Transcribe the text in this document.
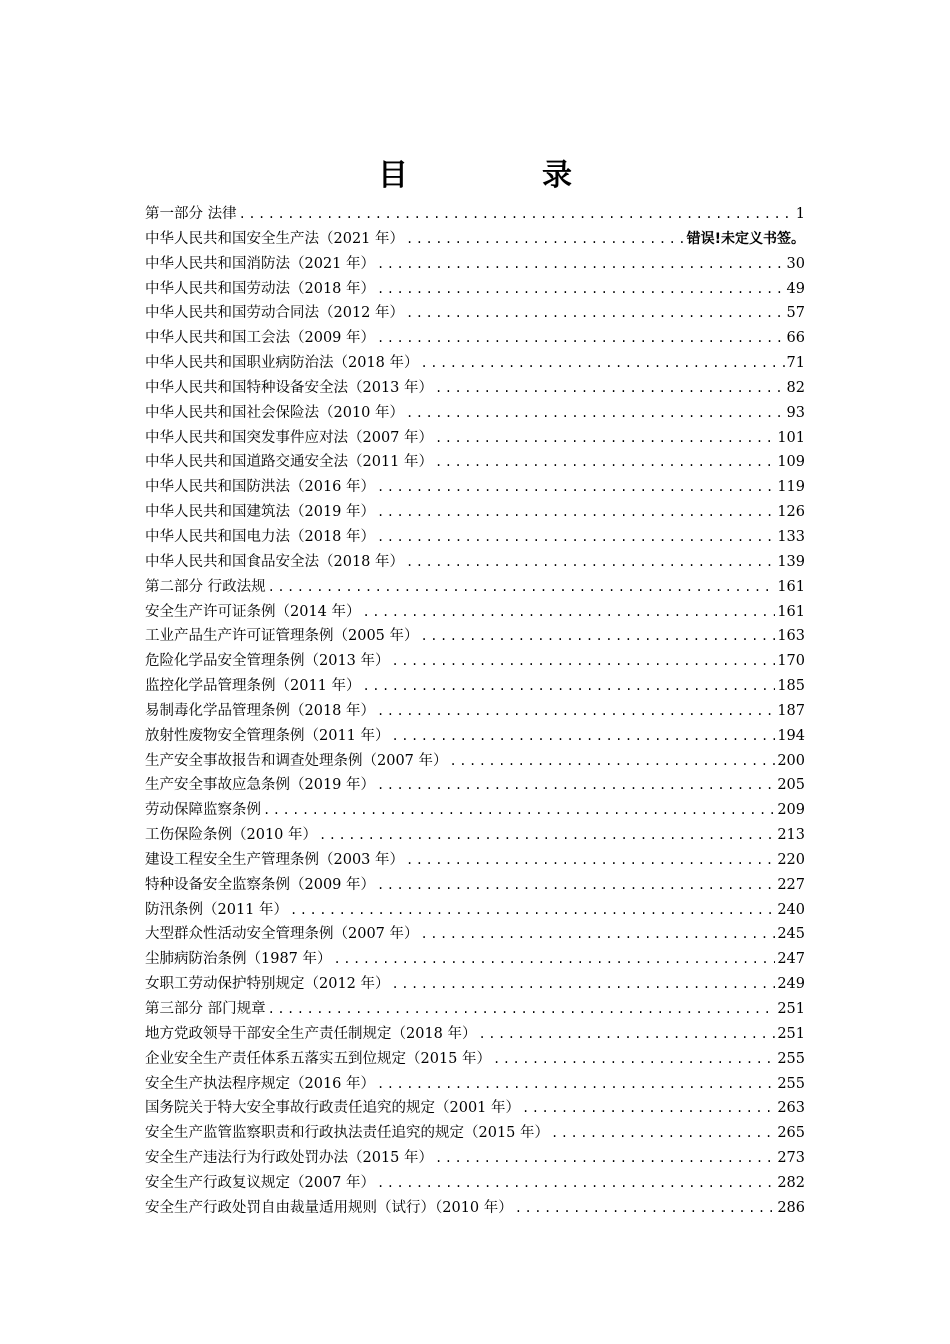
目　录
第一部分 法律 .....	1
中华人民共和国安全生产法（2021 年） .....	错误!未定义书签。
中华人民共和国消防法（2021 年） .....	30
中华人民共和国劳动法（2018 年） .....	49
中华人民共和国劳动合同法（2012 年） .....	57
中华人民共和国工会法（2009 年） .....	66
中华人民共和国职业病防治法（2018 年） .....	71
中华人民共和国特种设备安全法（2013 年） .....	82
中华人民共和国社会保险法（2010 年） .....	93
中华人民共和国突发事件应对法（2007 年） .....	101
中华人民共和国道路交通安全法（2011 年） .....	109
中华人民共和国防洪法（2016 年） .....	119
中华人民共和国建筑法（2019 年） .....	126
中华人民共和国电力法（2018 年） .....	133
中华人民共和国食品安全法（2018 年） .....	139
第二部分 行政法规 .....	161
安全生产许可证条例（2014 年） .....	161
工业产品生产许可证管理条例（2005 年） .....	163
危险化学品安全管理条例（2013 年） .....	170
监控化学品管理条例（2011 年） .....	185
易制毒化学品管理条例（2018 年） .....	187
放射性废物安全管理条例（2011 年） .....	194
生产安全事故报告和调查处理条例（2007 年） .....	200
生产安全事故应急条例（2019 年） .....	205
劳动保障监察条例 .....	209
工伤保险条例（2010 年） .....	213
建设工程安全生产管理条例（2003 年） .....	220
特种设备安全监察条例（2009 年） .....	227
防汛条例（2011 年） .....	240
大型群众性活动安全管理条例（2007 年） .....	245
尘肺病防治条例（1987 年） .....	247
女职工劳动保护特别规定（2012 年） .....	249
第三部分 部门规章 .....	251
地方党政领导干部安全生产责任制规定（2018 年） .....	251
企业安全生产责任体系五落实五到位规定（2015 年） .....	255
安全生产执法程序规定（2016 年） .....	255
国务院关于特大安全事故行政责任追究的规定（2001 年） .....	263
安全生产监管监察职责和行政执法责任追究的规定（2015 年） .....	265
安全生产违法行为行政处罚办法（2015 年） .....	273
安全生产行政复议规定（2007 年） .....	282
安全生产行政处罚自由裁量适用规则（试行）（2010 年） .....	286
